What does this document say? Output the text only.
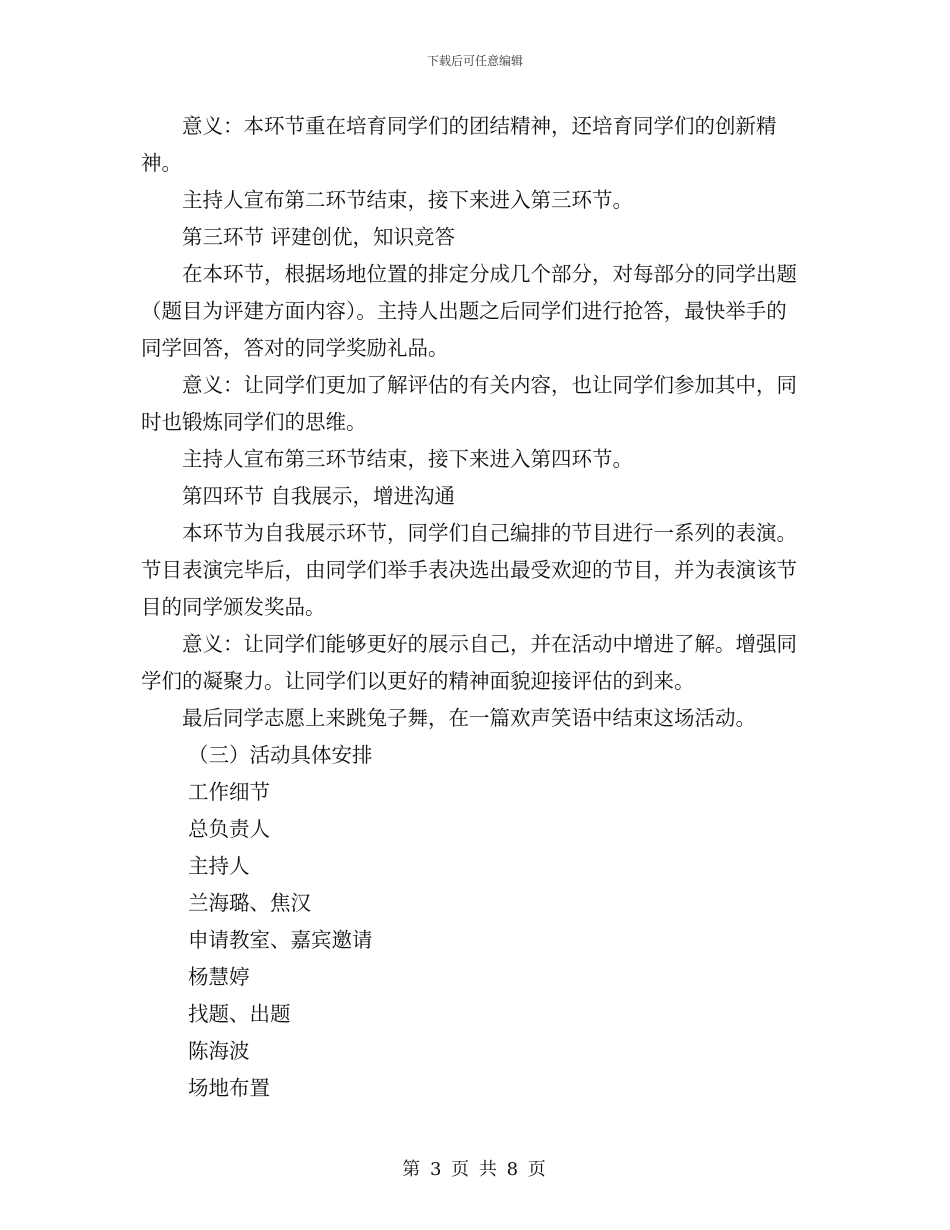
下载后可任意编辑

意义：本环节重在培育同学们的团结精神，还培育同学们的创新精神。

主持人宣布第二环节结束，接下来进入第三环节。

第三环节 评建创优，知识竞答

在本环节，根据场地位置的排定分成几个部分，对每部分的同学出题（题目为评建方面内容）。主持人出题之后同学们进行抢答，最快举手的同学回答，答对的同学奖励礼品。

意义：让同学们更加了解评估的有关内容，也让同学们参加其中，同时也锻炼同学们的思维。

主持人宣布第三环节结束，接下来进入第四环节。

第四环节 自我展示，增进沟通

本环节为自我展示环节，同学们自己编排的节目进行一系列的表演。节目表演完毕后，由同学们举手表决选出最受欢迎的节目，并为表演该节目的同学颁发奖品。

意义：让同学们能够更好的展示自己，并在活动中增进了解。增强同学们的凝聚力。让同学们以更好的精神面貌迎接评估的到来。

最后同学志愿上来跳兔子舞，在一篇欢声笑语中结束这场活动。

（三）活动具体安排

工作细节

总负责人

主持人

兰海璐、焦汉

申请教室、嘉宾邀请

杨慧婷

找题、出题

陈海波

场地布置

第 3 页 共 8 页
